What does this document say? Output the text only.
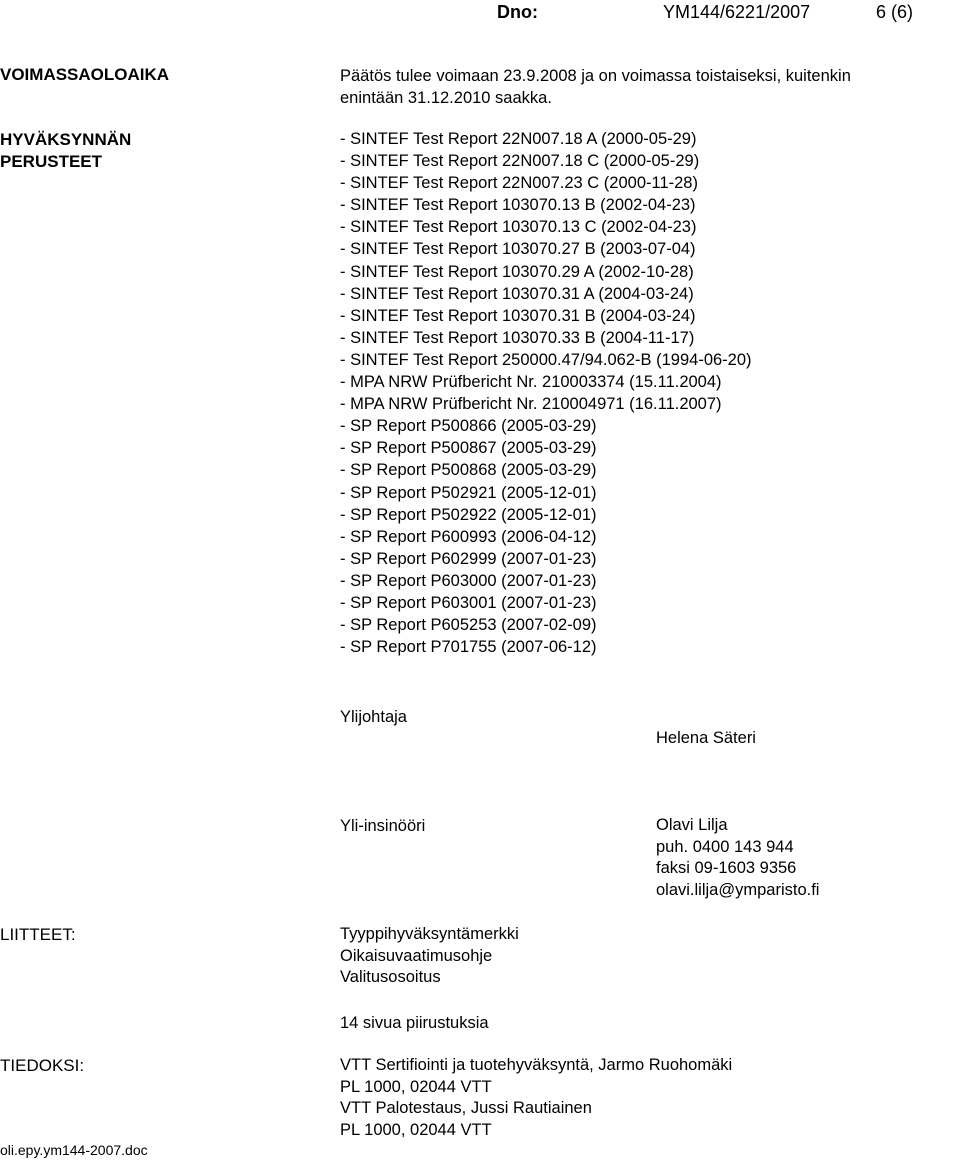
Dno:	YM144/6221/2007	6 (6)
VOIMASSAOLOAIKA	Päätös tulee voimaan 23.9.2008 ja on voimassa toistaiseksi, kuitenkin
enintään 31.12.2010 saakka.
HYVÄKSYNNÄN
PERUSTEET
- SINTEF Test Report 22N007.18 A (2000-05-29)
- SINTEF Test Report 22N007.18 C (2000-05-29)
- SINTEF Test Report 22N007.23 C (2000-11-28)
- SINTEF Test Report 103070.13 B (2002-04-23)
- SINTEF Test Report 103070.13 C (2002-04-23)
- SINTEF Test Report 103070.27 B (2003-07-04)
- SINTEF Test Report 103070.29 A (2002-10-28)
- SINTEF Test Report 103070.31 A (2004-03-24)
- SINTEF Test Report 103070.31 B (2004-03-24)
- SINTEF Test Report 103070.33 B (2004-11-17)
- SINTEF Test Report 250000.47/94.062-B (1994-06-20)
- MPA NRW Prüfbericht Nr. 210003374 (15.11.2004)
- MPA NRW Prüfbericht Nr. 210004971 (16.11.2007)
- SP Report P500866 (2005-03-29)
- SP Report P500867 (2005-03-29)
- SP Report P500868 (2005-03-29)
- SP Report P502921 (2005-12-01)
- SP Report P502922 (2005-12-01)
- SP Report P600993 (2006-04-12)
- SP Report P602999 (2007-01-23)
- SP Report P603000 (2007-01-23)
- SP Report P603001 (2007-01-23)
- SP Report P605253 (2007-02-09)
- SP Report P701755 (2007-06-12)
Ylijohtaja
Helena Säteri
Yli-insinööri	Olavi Lilja
puh. 0400 143 944
faksi 09-1603 9356
olavi.lilja@ymparisto.fi
LIITTEET:	Tyyppihyväksyntämerkki
Oikaisuvaatimusohje
Valitusosoitus
14 sivua piirustuksia
TIEDOKSI:	VTT Sertifiointi ja tuotehyväksyntä, Jarmo Ruohomäki
PL 1000, 02044 VTT
VTT Palotestaus, Jussi Rautiainen
PL 1000, 02044 VTT
oli.epy.ym144-2007.doc
